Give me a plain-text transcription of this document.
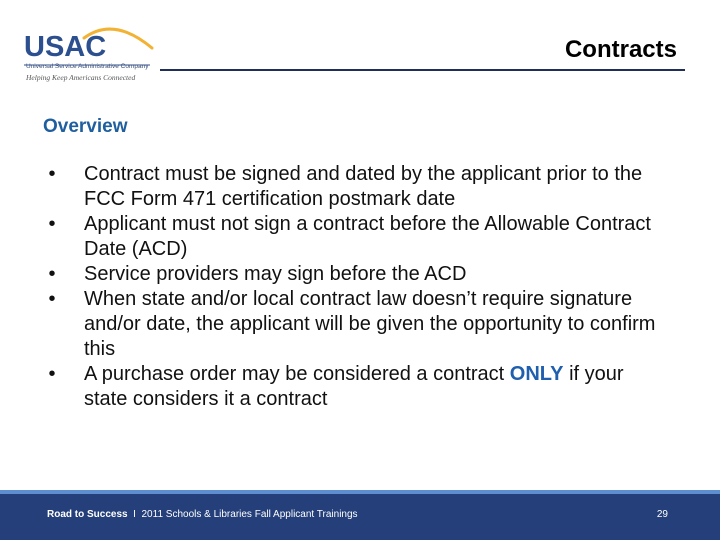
USAC
Universal Service Administrative Company
Helping Keep Americans Connected
Contracts
Overview
• Contract must be signed and dated by the applicant prior to the FCC Form 471 certification postmark date
• Applicant must not sign a contract before the Allowable Contract Date (ACD)
• Service providers may sign before the ACD
• When state and/or local contract law doesn’t require signature and/or date, the applicant will be given the opportunity to confirm this
• A purchase order may be considered a contract ONLY if your state considers it a contract
Road to Success I 2011 Schools & Libraries Fall Applicant Trainings	29
